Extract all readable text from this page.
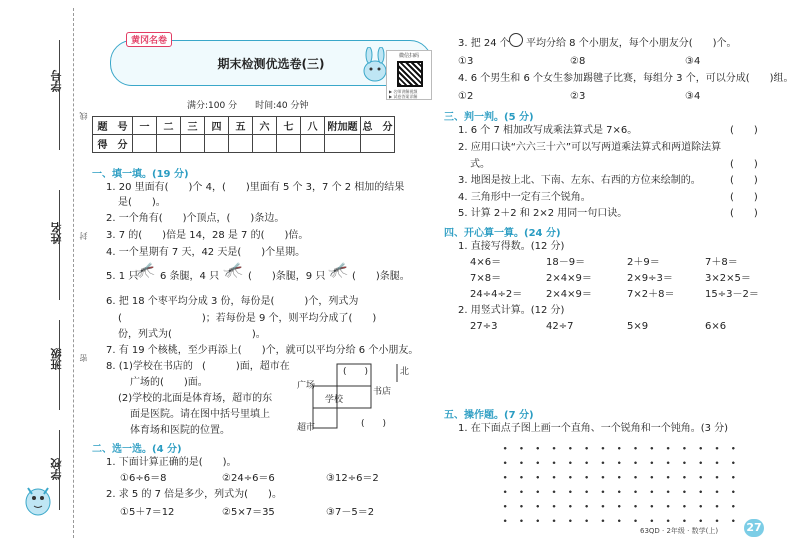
学号
线
姓名 封
班级 密
学校
期末检测优选卷(三)
黄冈名卷
微信扫码
▶ 名师讲解视频
▶ 试卷答案详解
满分:100 分　　 时间:40 分钟
题　号	一	二	三	四	五	六	七	八	附加题	总　分
得　分										
一、填一填。(19 分)
1. 20 里面有(　　)个 4，(　　)里面有 5 个 3，7 个 2 相加的结果
是(　　)。
2. 一个角有(　　)个顶点，(　　)条边。
3. 7 的(　　)倍是 14，28 是 7 的(　　)倍。
4. 一个星期有 7 天，42 天是(　　)个星期。
5. 1 只
🦟 6 条腿，4 只 🦟 (　　)条腿，9 只 🦟 (　　)条腿。
6. 把 18 个枣平均分成 3 份，每份是(　　　)个，列式为
(　　　　　　　　)；若每份是 9 个，则平均分成了(　　)
份，列式为(　　　　　　　　)。
7. 有 19 个核桃，至少再添上(　　)个，就可以平均分给 6 个小朋友。
8. (1)学校在书店的 (　　　)面，超市在
广场的(　　)面。
(2)学校的北面是体育场，超市的东
面是医院。请在图中括号里填上
体育场和医院的位置。
广场
书店
学校
超市
北
(　　)
(　　)
二、选一选。(4 分)
1. 下面计算正确的是(　　)。
①6÷6＝8	②24÷6＝6	③12÷6＝2
2. 求 5 的 7 倍是多少，列式为(　　)。
①5＋7＝12	②5×7＝35	③7－5＝2
3. 把 24 个 平均分给 8 个小朋友，每个小朋友分(　　)个。
①3	②8	③4
4. 6 个男生和 6 个女生参加踢毽子比赛，每组分 3 个，可以分成(　　)组。
①2	②3	③4
三、判一判。(5 分)
1. 6 个 7 相加改写成乘法算式是 7×6。	(　　)
2. 应用口诀“六六三十六”可以写两道乘法算式和两道除法算
式。	(　　)
3. 地图是按上北、下南、左东、右西的方位来绘制的。	(　　)
4. 三角形中一定有三个锐角。	(　　)
5. 计算 2＋2 和 2×2 用同一句口诀。	(　　)
四、开心算一算。(24 分)
1. 直接写得数。(12 分)
4×6＝	18－9＝	2＋9＝	7＋8＝
7×8＝	2×4×9＝	2×9÷3＝	3×2×5＝
24÷4÷2＝ 2×4×9＝	7×2＋8＝	15÷3－2＝
2. 用竖式计算。(12 分)
27÷3	42÷7	5×9	6×6
五、操作题。(7 分)
1. 在下面点子图上画一个直角、一个锐角和一个钝角。(3 分)
63QD · 2年级 · 数学(上)	27
